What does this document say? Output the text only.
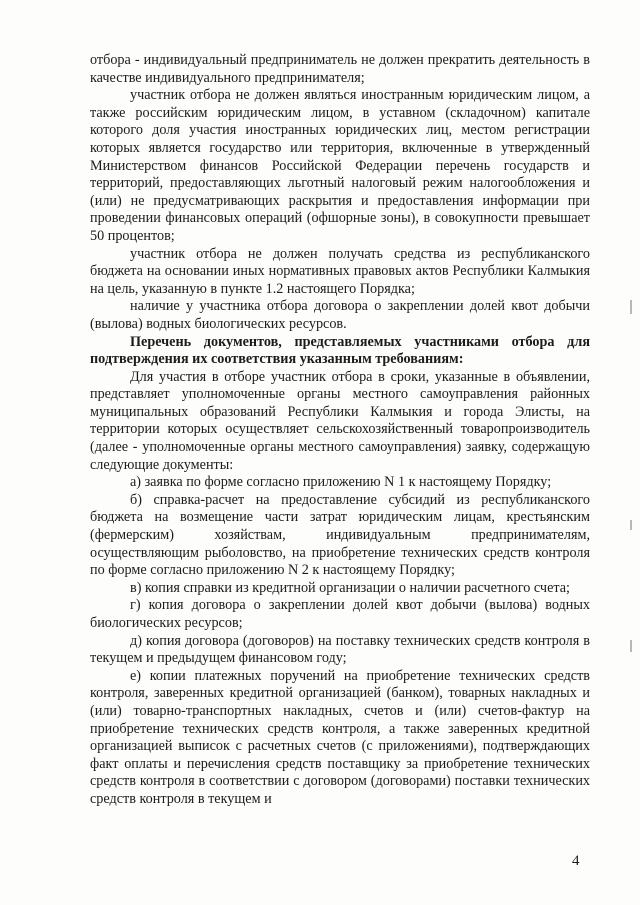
отбора - индивидуальный предприниматель не должен прекратить деятельность в качестве индивидуального предпринимателя;

участник отбора не должен являться иностранным юридическим лицом, а также российским юридическим лицом, в уставном (складочном) капитале которого доля участия иностранных юридических лиц, местом регистрации которых является государство или территория, включенные в утвержденный Министерством финансов Российской Федерации перечень государств и территорий, предоставляющих льготный налоговый режим налогообложения и (или) не предусматривающих раскрытия и предоставления информации при проведении финансовых операций (офшорные зоны), в совокупности превышает 50 процентов;

участник отбора не должен получать средства из республиканского бюджета на основании иных нормативных правовых актов Республики Калмыкия на цель, указанную в пункте 1.2 настоящего Порядка;

наличие у участника отбора договора о закреплении долей квот добычи (вылова) водных биологических ресурсов.

Перечень документов, представляемых участниками отбора для подтверждения их соответствия указанным требованиям:

Для участия в отборе участник отбора в сроки, указанные в объявлении, представляет уполномоченные органы местного самоуправления районных муниципальных образований Республики Калмыкия и города Элисты, на территории которых осуществляет сельскохозяйственный товаропроизводитель (далее - уполномоченные органы местного самоуправления) заявку, содержащую следующие документы:

а) заявка по форме согласно приложению N 1 к настоящему Порядку;

б) справка-расчет на предоставление субсидий из республиканского бюджета на возмещение части затрат юридическим лицам, крестьянским (фермерским) хозяйствам, индивидуальным предпринимателям, осуществляющим рыболовство, на приобретение технических средств контроля по форме согласно приложению N 2 к настоящему Порядку;

в) копия справки из кредитной организации о наличии расчетного счета;

г) копия договора о закреплении долей квот добычи (вылова) водных биологических ресурсов;

д) копия договора (договоров) на поставку технических средств контроля в текущем и предыдущем финансовом году;

е) копии платежных поручений на приобретение технических средств контроля, заверенных кредитной организацией (банком), товарных накладных и (или) товарно-транспортных накладных, счетов и (или) счетов-фактур на приобретение технических средств контроля, а также заверенных кредитной организацией выписок с расчетных счетов (с приложениями), подтверждающих факт оплаты и перечисления средств поставщику за приобретение технических средств контроля в соответствии с договором (договорами) поставки технических средств контроля в текущем и

4
